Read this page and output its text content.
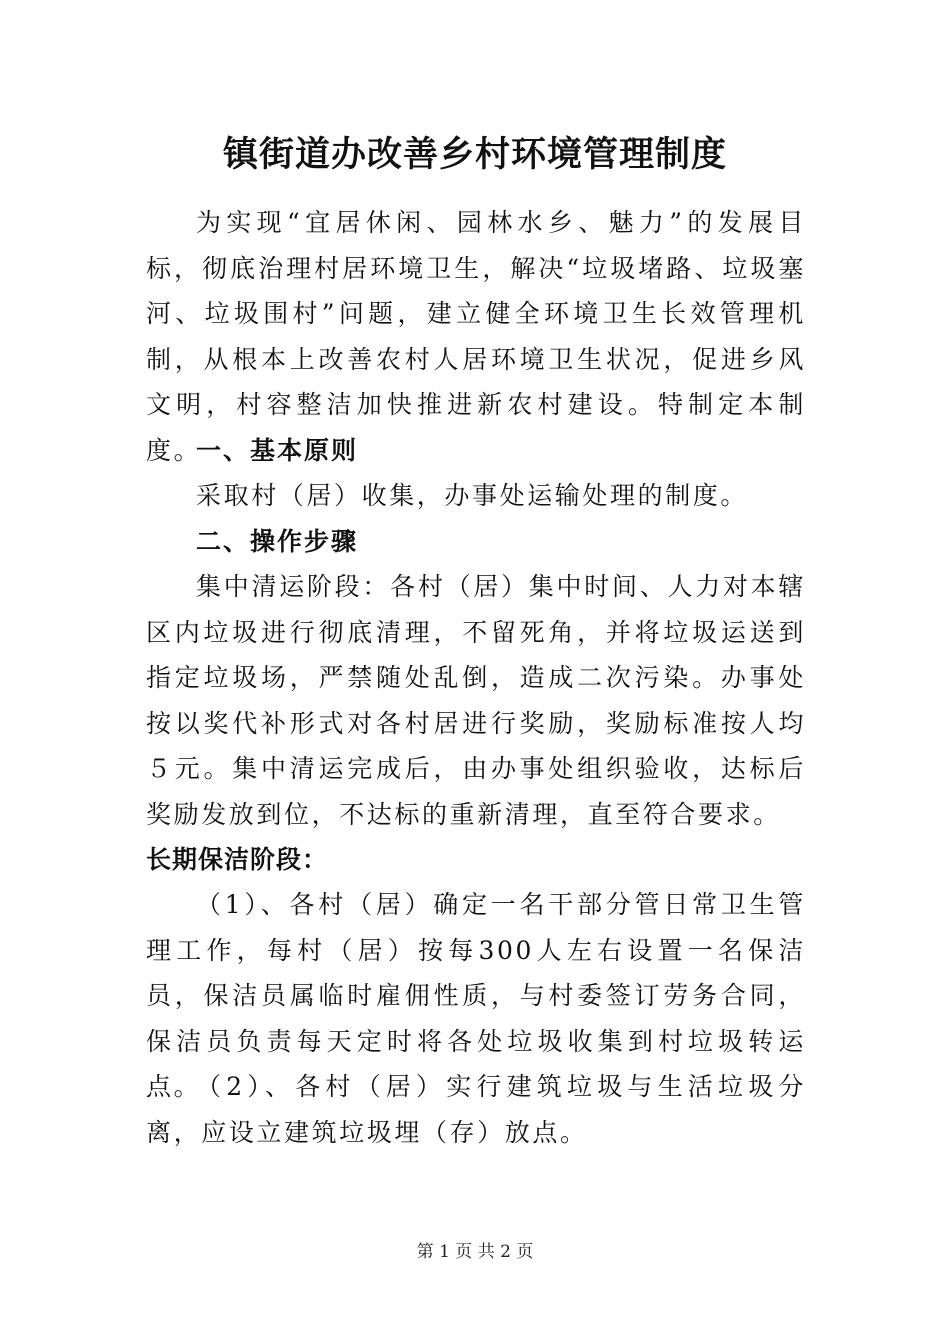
镇街道办改善乡村环境管理制度

为实现“宜居休闲、园林水乡、魅力”的发展目标，彻底治理村居环境卫生，解决“垃圾堵路、垃圾塞河、垃圾围村”问题，建立健全环境卫生长效管理机制，从根本上改善农村人居环境卫生状况，促进乡风文明，村容整洁加快推进新农村建设。特制定本制度。

一、基本原则

采取村（居）收集，办事处运输处理的制度。

二、操作步骤

集中清运阶段：各村（居）集中时间、人力对本辖区内垃圾进行彻底清理，不留死角，并将垃圾运送到指定垃圾场，严禁随处乱倒，造成二次污染。办事处按以奖代补形式对各村居进行奖励，奖励标准按人均５元。集中清运完成后，由办事处组织验收，达标后奖励发放到位，不达标的重新清理，直至符合要求。

长期保洁阶段：

（1）、各村（居）确定一名干部分管日常卫生管理工作，每村（居）按每300人左右设置一名保洁员，保洁员属临时雇佣性质，与村委签订劳务合同，保洁员负责每天定时将各处垃圾收集到村垃圾转运点。

（2）、各村（居）实行建筑垃圾与生活垃圾分离，应设立建筑垃圾埋（存）放点。

第 1 页 共 2 页
